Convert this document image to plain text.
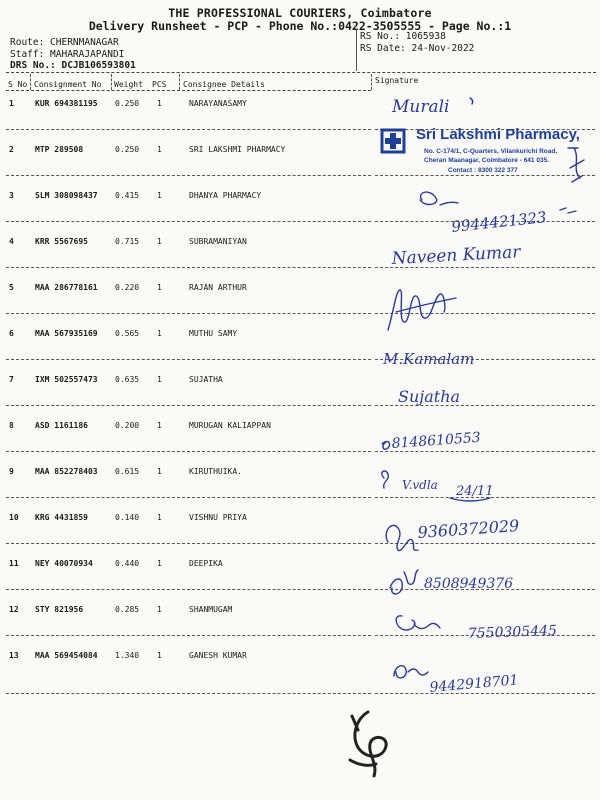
THE PROFESSIONAL COURIERS, Coimbatore
Delivery Runsheet - PCP - Phone No.:0422-3505555 - Page No.:1
Route: CHERNMANAGAR
Staff: MAHARAJAPANDI
DRS No.: DCJB106593801
RS No.: 1065938
RS Date: 24-Nov-2022
S No Consignment No Weight PCS Consignee Details	Signature
1	KUR 694381195 0.250 1	NARAYANASAMY
2	MTP 289508	0.250 1	SRI LAKSHMI PHARMACY
3	SLM 308098437 0.415 1	DHANYA PHARMACY
4	KRR 5567695	0.715 1	SUBRAMANIYAN
5	MAA 286778161 0.220 1	RAJAN ARTHUR
6	MAA 567935169 0.565 1	MUTHU SAMY
7	IXM 502557473 0.635 1	SUJATHA
8	ASD 1161186	0.200 1	MURUGAN KALIAPPAN
9	MAA 852278403 0.615 1	KIRUTHUIKA.
10 KRG 4431859	0.140 1	VISHNU PRIYA
11 NEY 40070934	0.440 1	DEEPIKA
12 STY 821956	0.285 1	SHANMUGAM
13 MAA 569454084 1.340 1	GANESH KUMAR
Murali
9944421323
Naveen Kumar
M.Kamalam
Sujatha
8148610553
V.vdla 24/11
9360372029
8508949376
7550305445
9442918701
Sri Lakshmi Pharmacy,
No. C-174/1, C-Quarters, Vilankurichi Road,
Cheran Maanagar, Coimbatore - 641 035.
Contact : 8300 322 377
